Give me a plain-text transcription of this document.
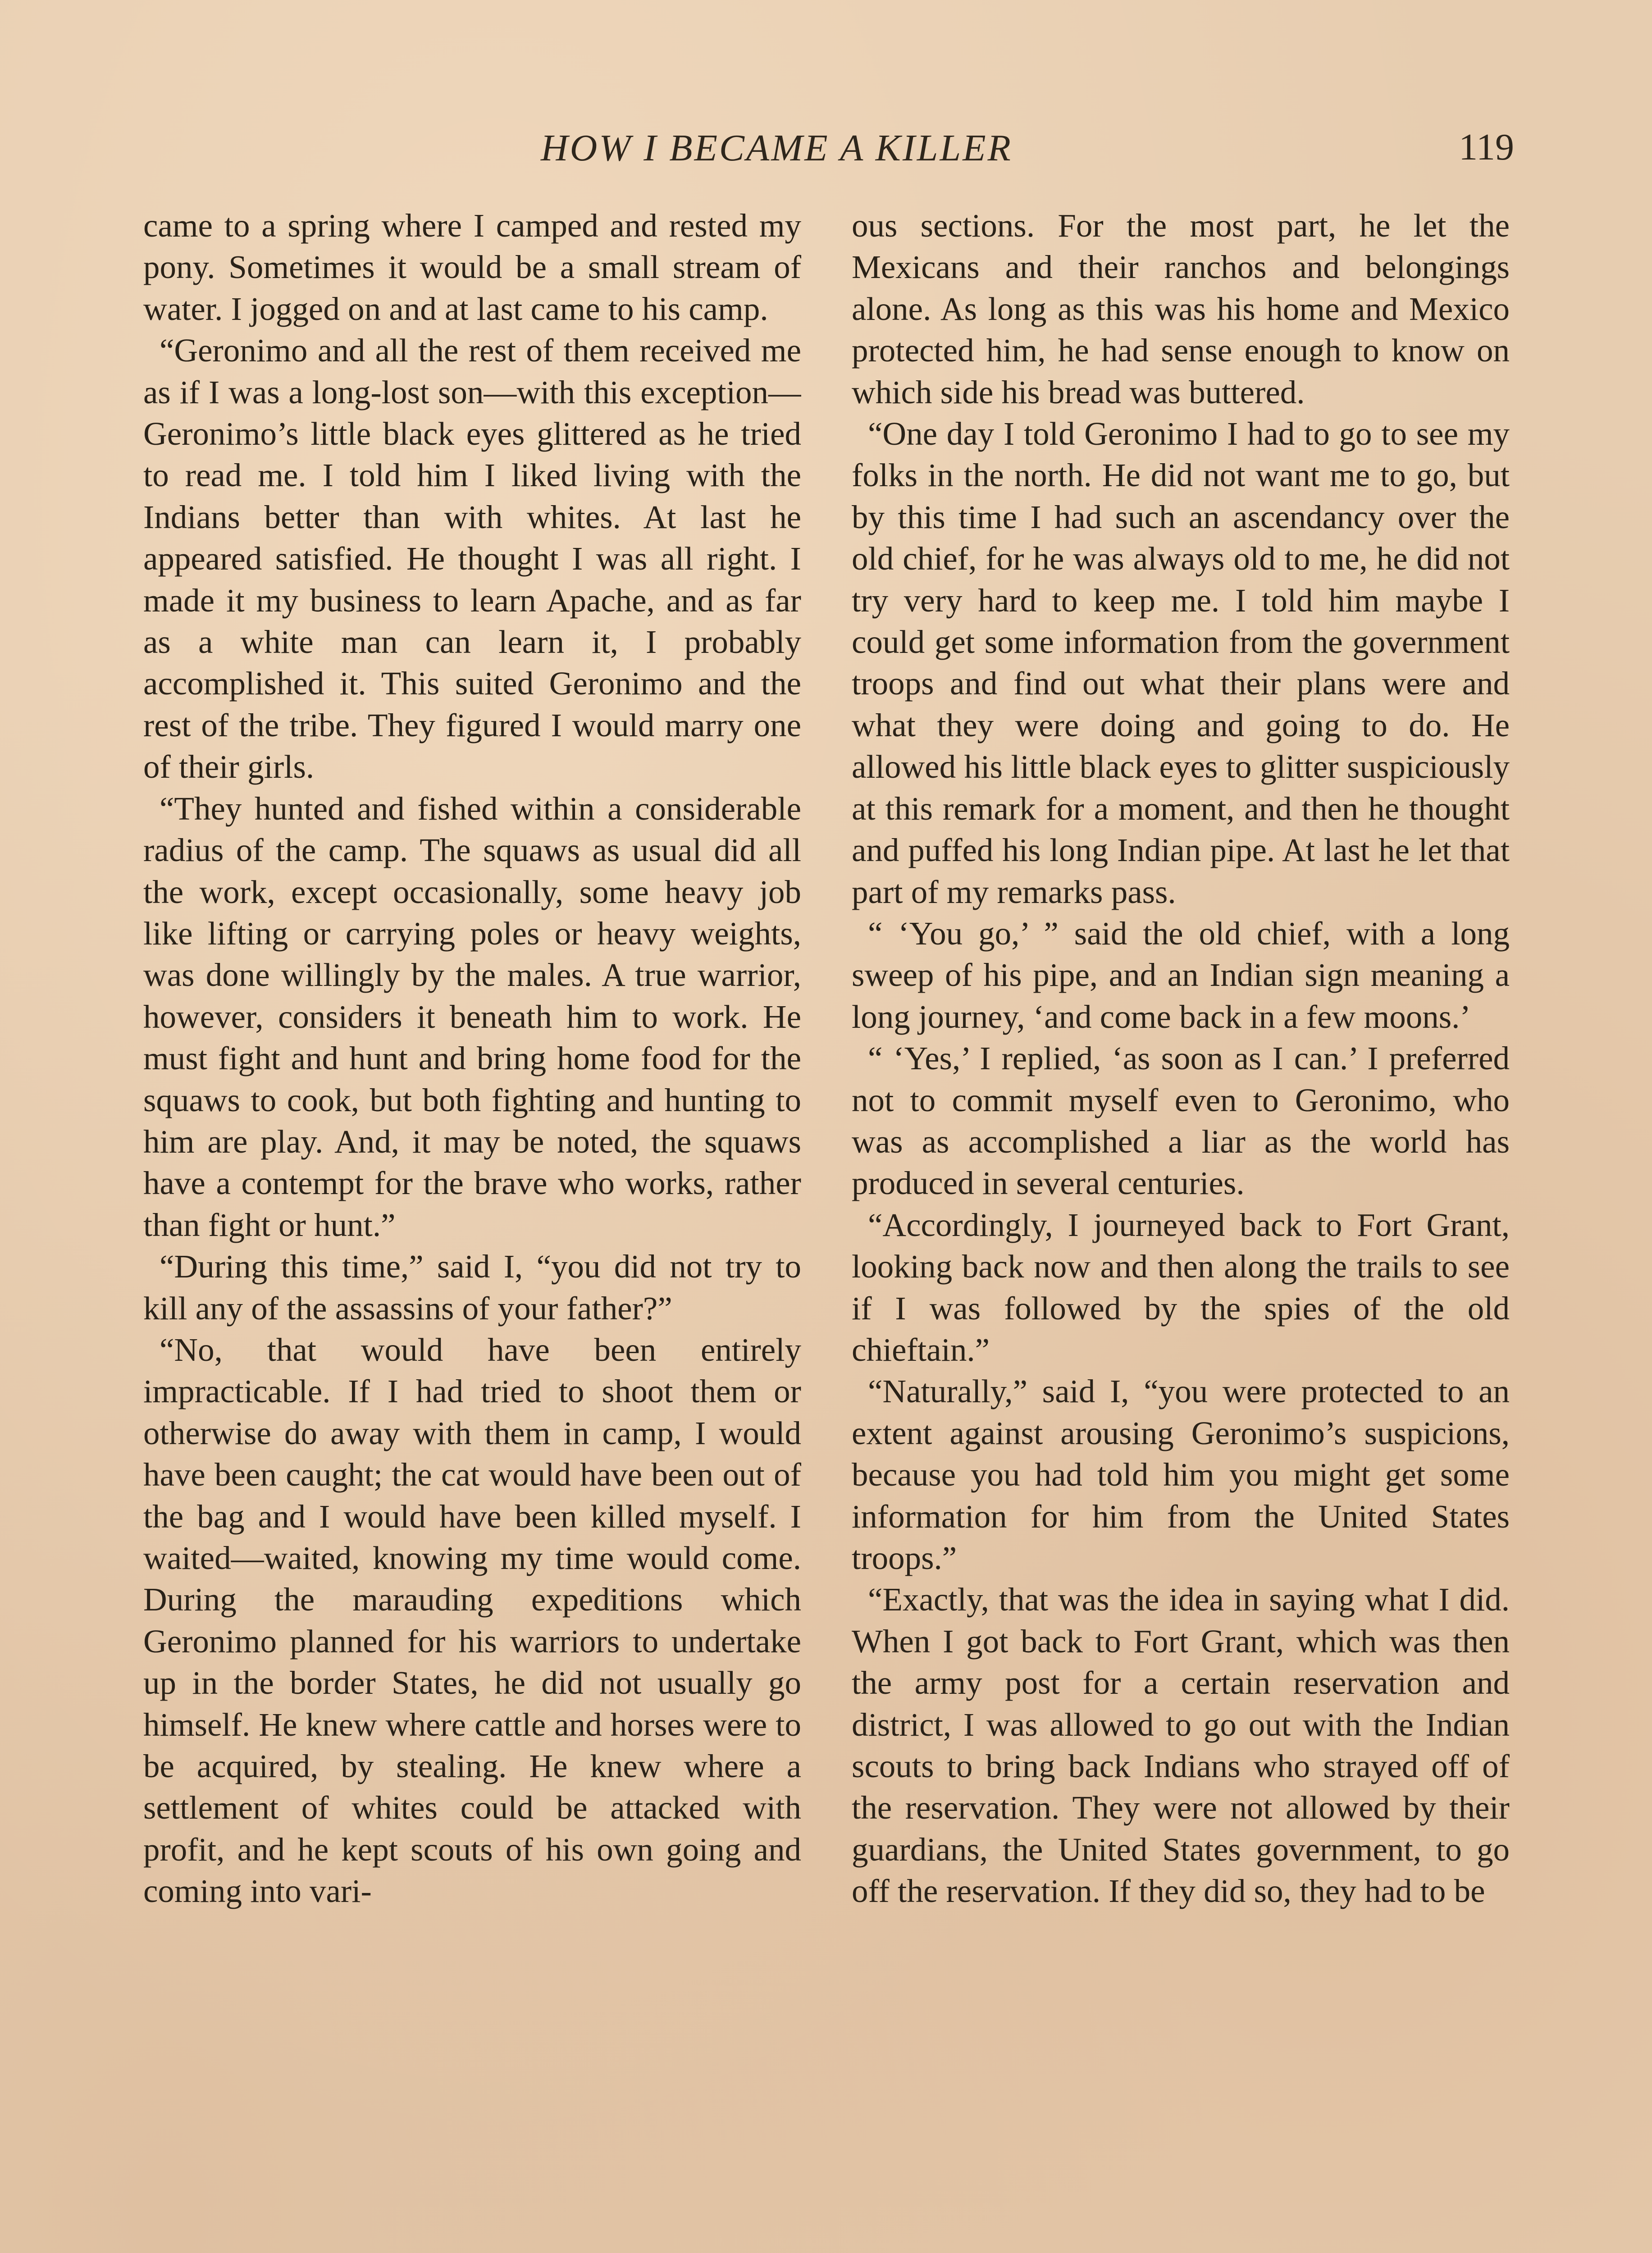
HOW I BECAME A KILLER	119

came to a spring where I camped and rested my pony. Sometimes it would be a small stream of water. I jogged on and at last came to his camp.

“Geronimo and all the rest of them received me as if I was a long-lost son—with this exception—Geronimo’s little black eyes glittered as he tried to read me. I told him I liked living with the Indians better than with whites. At last he appeared satisfied. He thought I was all right. I made it my business to learn Apache, and as far as a white man can learn it, I probably accomplished it. This suited Geronimo and the rest of the tribe. They figured I would marry one of their girls.

“They hunted and fished within a considerable radius of the camp. The squaws as usual did all the work, except occasionally, some heavy job like lifting or carrying poles or heavy weights, was done willingly by the males. A true warrior, however, considers it beneath him to work. He must fight and hunt and bring home food for the squaws to cook, but both fighting and hunting to him are play. And, it may be noted, the squaws have a contempt for the brave who works, rather than fight or hunt.”

“During this time,” said I, “you did not try to kill any of the assassins of your father?”

“No, that would have been entirely impracticable. If I had tried to shoot them or otherwise do away with them in camp, I would have been caught; the cat would have been out of the bag and I would have been killed myself. I waited—waited, knowing my time would come. During the marauding expeditions which Geronimo planned for his warriors to undertake up in the border States, he did not usually go himself. He knew where cattle and horses were to be acquired, by stealing. He knew where a settlement of whites could be attacked with profit, and he kept scouts of his own going and coming into vari-

ous sections. For the most part, he let the Mexicans and their ranchos and belongings alone. As long as this was his home and Mexico protected him, he had sense enough to know on which side his bread was buttered.

“One day I told Geronimo I had to go to see my folks in the north. He did not want me to go, but by this time I had such an ascendancy over the old chief, for he was always old to me, he did not try very hard to keep me. I told him maybe I could get some information from the government troops and find out what their plans were and what they were doing and going to do. He allowed his little black eyes to glitter suspiciously at this remark for a moment, and then he thought and puffed his long Indian pipe. At last he let that part of my remarks pass.

“ ‘You go,’ ” said the old chief, with a long sweep of his pipe, and an Indian sign meaning a long journey, ‘and come back in a few moons.’

“ ‘Yes,’ I replied, ‘as soon as I can.’ I preferred not to commit myself even to Geronimo, who was as accomplished a liar as the world has produced in several centuries.

“Accordingly, I journeyed back to Fort Grant, looking back now and then along the trails to see if I was followed by the spies of the old chieftain.”

“Naturally,” said I, “you were protected to an extent against arousing Geronimo’s suspicions, because you had told him you might get some information for him from the United States troops.”

“Exactly, that was the idea in saying what I did. When I got back to Fort Grant, which was then the army post for a certain reservation and district, I was allowed to go out with the Indian scouts to bring back Indians who strayed off of the reservation. They were not allowed by their guardians, the United States government, to go off the reservation. If they did so, they had to be
